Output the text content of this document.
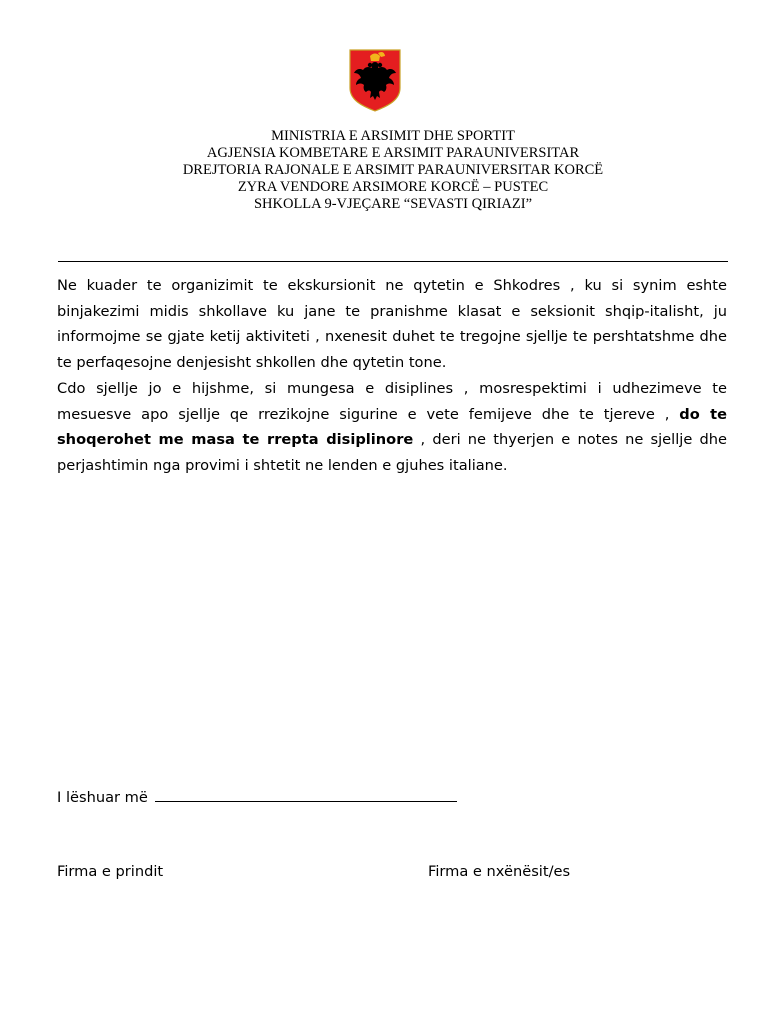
MINISTRIA E ARSIMIT DHE SPORTIT
AGJENSIA KOMBETARE E ARSIMIT PARAUNIVERSITAR
DREJTORIA RAJONALE E ARSIMIT PARAUNIVERSITAR KORCË
ZYRA VENDORE ARSIMORE KORCË – PUSTEC
SHKOLLA 9-VJEÇARE “SEVASTI QIRIAZI”

Ne kuader te organizimit te ekskursionit ne qytetin e Shkodres , ku si synim eshte binjakezimi midis shkollave ku jane te pranishme klasat e seksionit shqip-italisht, ju informojme se gjate ketij aktiviteti , nxenesit duhet te tregojne sjellje te pershtatshme dhe te perfaqesojne denjesisht shkollen dhe qytetin tone.

Cdo sjellje jo e hijshme, si mungesa e disiplines , mosrespektimi i udhezimeve te mesuesve apo sjellje qe rrezikojne sigurine e vete femijeve dhe te tjereve , do te shoqerohet me masa te rrepta disiplinore , deri ne thyerjen e notes ne sjellje dhe perjashtimin nga provimi i shtetit ne lenden e gjuhes italiane.

I lëshuar më
Firma e prindit	Firma e nxënësit/es
